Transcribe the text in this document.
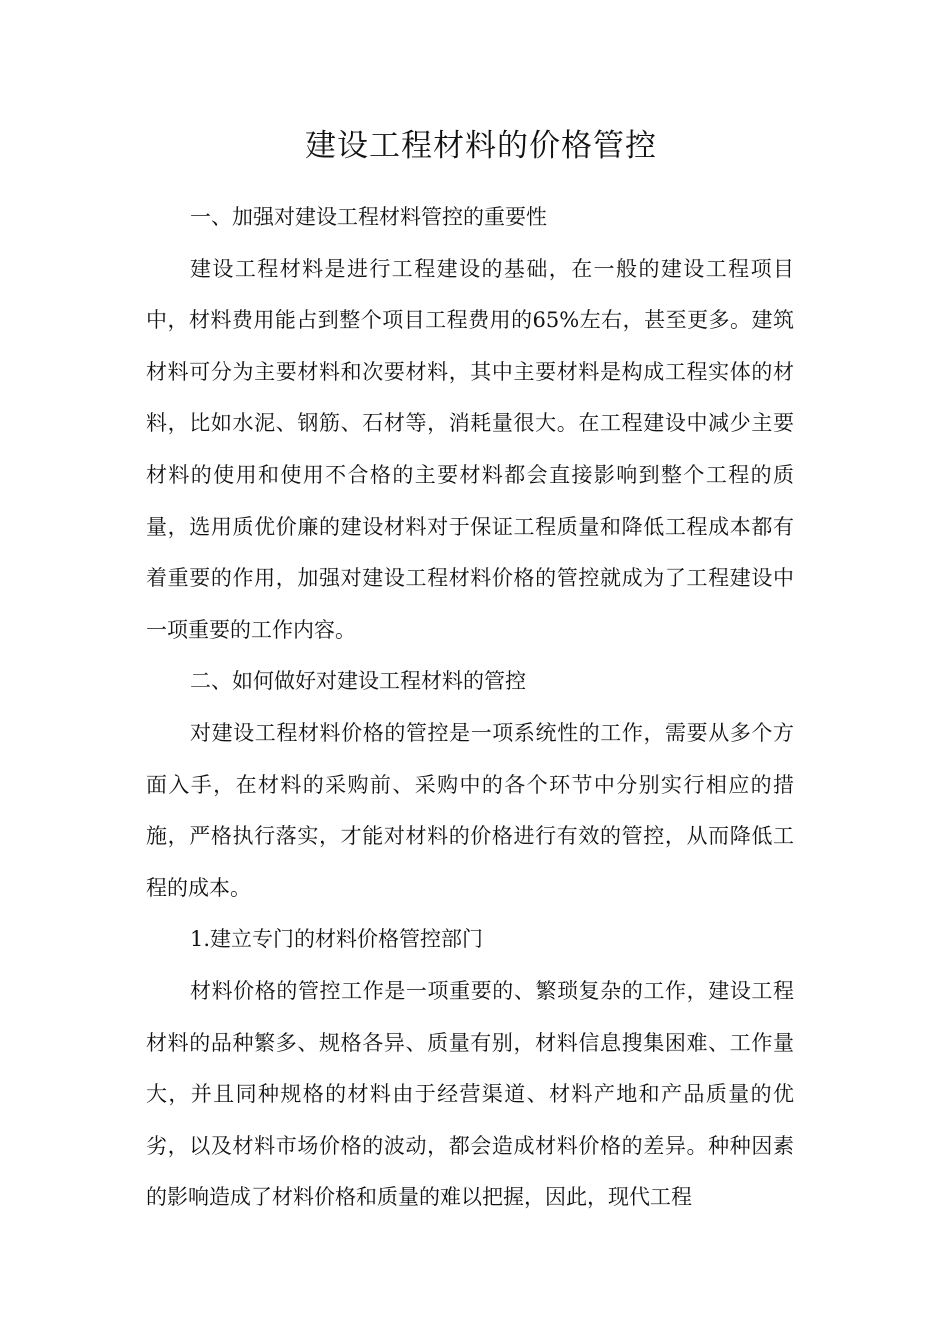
建设工程材料的价格管控
一、加强对建设工程材料管控的重要性

建设工程材料是进行工程建设的基础，在一般的建设工程项目中，材料费用能占到整个项目工程费用的65%左右，甚至更多。建筑材料可分为主要材料和次要材料，其中主要材料是构成工程实体的材料，比如水泥、钢筋、石材等，消耗量很大。在工程建设中减少主要材料的使用和使用不合格的主要材料都会直接影响到整个工程的质量，选用质优价廉的建设材料对于保证工程质量和降低工程成本都有着重要的作用，加强对建设工程材料价格的管控就成为了工程建设中一项重要的工作内容。

二、如何做好对建设工程材料的管控

对建设工程材料价格的管控是一项系统性的工作，需要从多个方面入手，在材料的采购前、采购中的各个环节中分别实行相应的措施，严格执行落实，才能对材料的价格进行有效的管控，从而降低工程的成本。

1.建立专门的材料价格管控部门

材料价格的管控工作是一项重要的、繁琐复杂的工作，建设工程材料的品种繁多、规格各异、质量有别，材料信息搜集困难、工作量大，并且同种规格的材料由于经营渠道、材料产地和产品质量的优劣，以及材料市场价格的波动，都会造成材料价格的差异。种种因素的影响造成了材料价格和质量的难以把握，因此，现代工程
